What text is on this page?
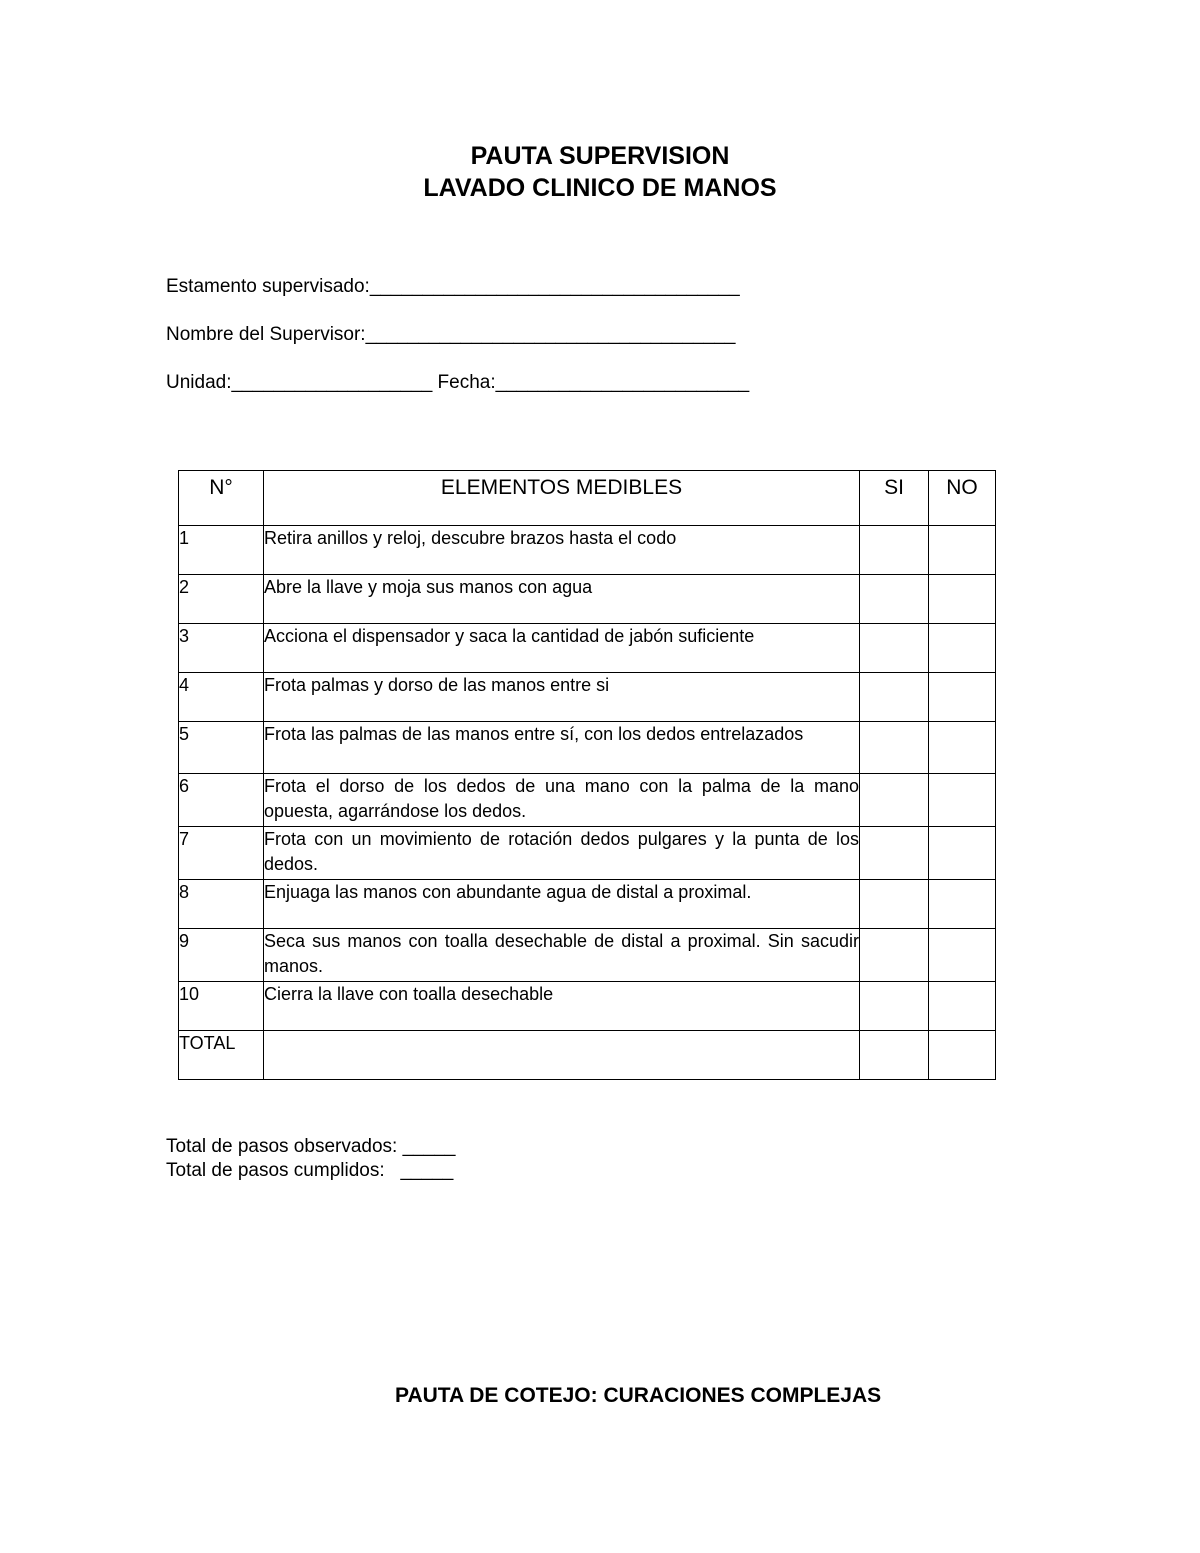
PAUTA SUPERVISION
LAVADO CLINICO DE MANOS
Estamento supervisado:___________________________________
Nombre del Supervisor:___________________________________
Unidad:___________________ Fecha:________________________
N°	ELEMENTOS MEDIBLES	SI	NO
1	Retira anillos y reloj, descubre brazos hasta el codo		
2	Abre la llave y moja sus manos con agua		
3	Acciona el dispensador y saca la cantidad de jabón suficiente		
4	Frota palmas y dorso de las manos entre si		
5	Frota las palmas de las manos entre sí, con los dedos entrelazados		
6	Frota el dorso de los dedos de una mano con la palma de la mano opuesta, agarrándose los dedos.		
7	Frota con un movimiento de rotación dedos pulgares y la punta de los dedos.		
8	Enjuaga las manos con abundante agua de distal a proximal.		
9	Seca sus manos con toalla desechable de distal a proximal. Sin sacudir manos.		
10	Cierra la llave con toalla desechable		
TOTAL			
Total de pasos observados: _____
Total de pasos cumplidos:   _____
PAUTA DE COTEJO: CURACIONES COMPLEJAS
